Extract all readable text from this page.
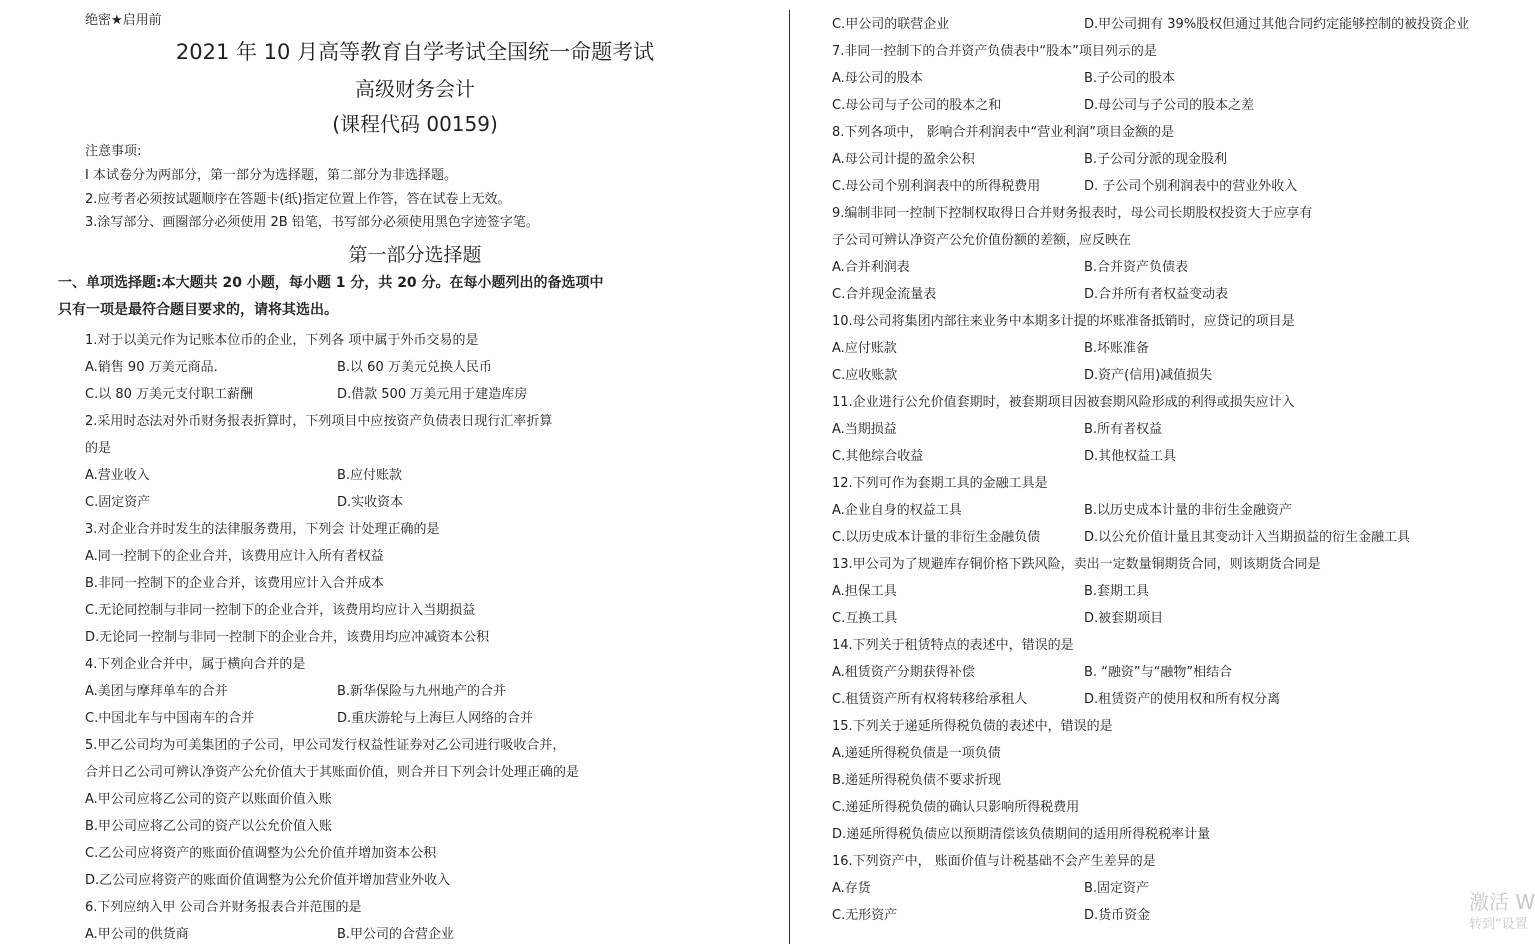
绝密★启用前
2021 年 10 月高等教育自学考试全国统一命题考试
高级财务会计
(课程代码 00159)
注意事项:
I 本试卷分为两部分，第一部分为选择题，第二部分为非选择题。
2.应考者必须按试题顺序在答题卡(纸)指定位置上作答，答在试卷上无效。
3.涂写部分、画圈部分必须使用 2B 铅笔，书写部分必须使用黑色字迹签字笔。
第一部分选择题
一、单项选择题:本大题共 20 小题，每小题 1 分，共 20 分。在每小题列出的备选项中
只有一项是最符合题目要求的，请将其选出。
1.对于以美元作为记账本位币的企业，下列各 项中属于外币交易的是
A.销售 90 万美元商品.	B.以 60 万美元兑换人民币
C.以 80 万美元支付职工薪酬	D.借款 500 万美元用于建造库房
2.采用时态法对外币财务报表折算时，下列项目中应按资产负债表日现行汇率折算
的是
A.营业收入	B.应付账款
C.固定资产	D.实收资本
3.对企业合并时发生的法律服务费用，下列会 计处理正确的是
A.同一控制下的企业合并，该费用应计入所有者权益
B.非同一控制下的企业合并，该费用应计入合并成本
C.无论同控制与非同一控制下的企业合并，该费用均应计入当期损益
D.无论同一控制与非同一控制下的企业合并，该费用均应冲减资本公积
4.下列企业合并中，属于横向合并的是
A.美团与摩拜单车的合并	B.新华保险与九州地产的合并
C.中国北车与中国南车的合并	D.重庆游轮与上海巨人网络的合并
5.甲乙公司均为可美集团的子公司，甲公司发行权益性证券对乙公司进行吸收合并，
合并日乙公司可辨认净资产公允价值大于其账面价值，则合并日下列会计处理正确的是
A.甲公司应将乙公司的资产以账面价值入账
B.甲公司应将乙公司的资产以公允价值入账
C.乙公司应将资产的账面价值调整为公允价值并增加资本公积
D.乙公司应将资产的账面价值调整为公允价值并增加营业外收入
6.下列应纳入甲 公司合并财务报表合并范围的是
A.甲公司的供货商	B.甲公司的合营企业
C.甲公司的联营企业	D.甲公司拥有 39%股权但通过其他合同约定能够控制的被投资企业
7.非同一控制下的合并资产负债表中“股本”项目列示的是
A.母公司的股本	B.子公司的股本
C.母公司与子公司的股本之和	D.母公司与子公司的股本之差
8.下列各项中， 影响合并利润表中“营业利润”项目金额的是
A.母公司计提的盈余公积	B.子公司分派的现金股利
C.母公司个别利润表中的所得税费用	D. 子公司个别利润表中的营业外收入
9.编制非同一控制下控制权取得日合并财务报表时，母公司长期股权投资大于应享有
子公司可辨认净资产公允价值份额的差额，应反映在
A.合并利润表	B.合并资产负债表
C.合并现金流量表	D.合并所有者权益变动表
10.母公司将集团内部往来业务中本期多计提的坏账准备抵销时，应贷记的项目是
A.应付账款	B.坏账准备
C.应收账款	D.资产(信用)减值损失
11.企业进行公允价值套期时，被套期项目因被套期风险形成的利得或损失应计入
A.当期损益	B.所有者权益
C.其他综合收益	D.其他权益工具
12.下列可作为套期工具的金融工具是
A.企业自身的权益工具	B.以历史成本计量的非衍生金融资产
C.以历史成本计量的非衍生金融负债	D.以公允价值计量且其变动计入当期损益的衍生金融工具
13.甲公司为了规避库存铜价格下跌风险，卖出一定数量铜期货合同，则该期货合同是
A.担保工具	B.套期工具
C.互换工具	D.被套期项目
14.下列关于租赁特点的表述中，错误的是
A.租赁资产分期获得补偿	B. “融资”与“融物”相结合
C.租赁资产所有权将转移给承租人	D.租赁资产的使用权和所有权分离
15.下列关于递延所得税负债的表述中，错误的是
A.递延所得税负债是一项负债
B.递延所得税负债不要求折现
C.递延所得税负债的确认只影响所得税费用
D.递延所得税负债应以预期清偿该负债期间的适用所得税税率计量
16.下列资产中， 账面价值与计税基础不会产生差异的是
A.存货	B.固定资产
C.无形资产	D.货币资金
激活 W
转到“设置
